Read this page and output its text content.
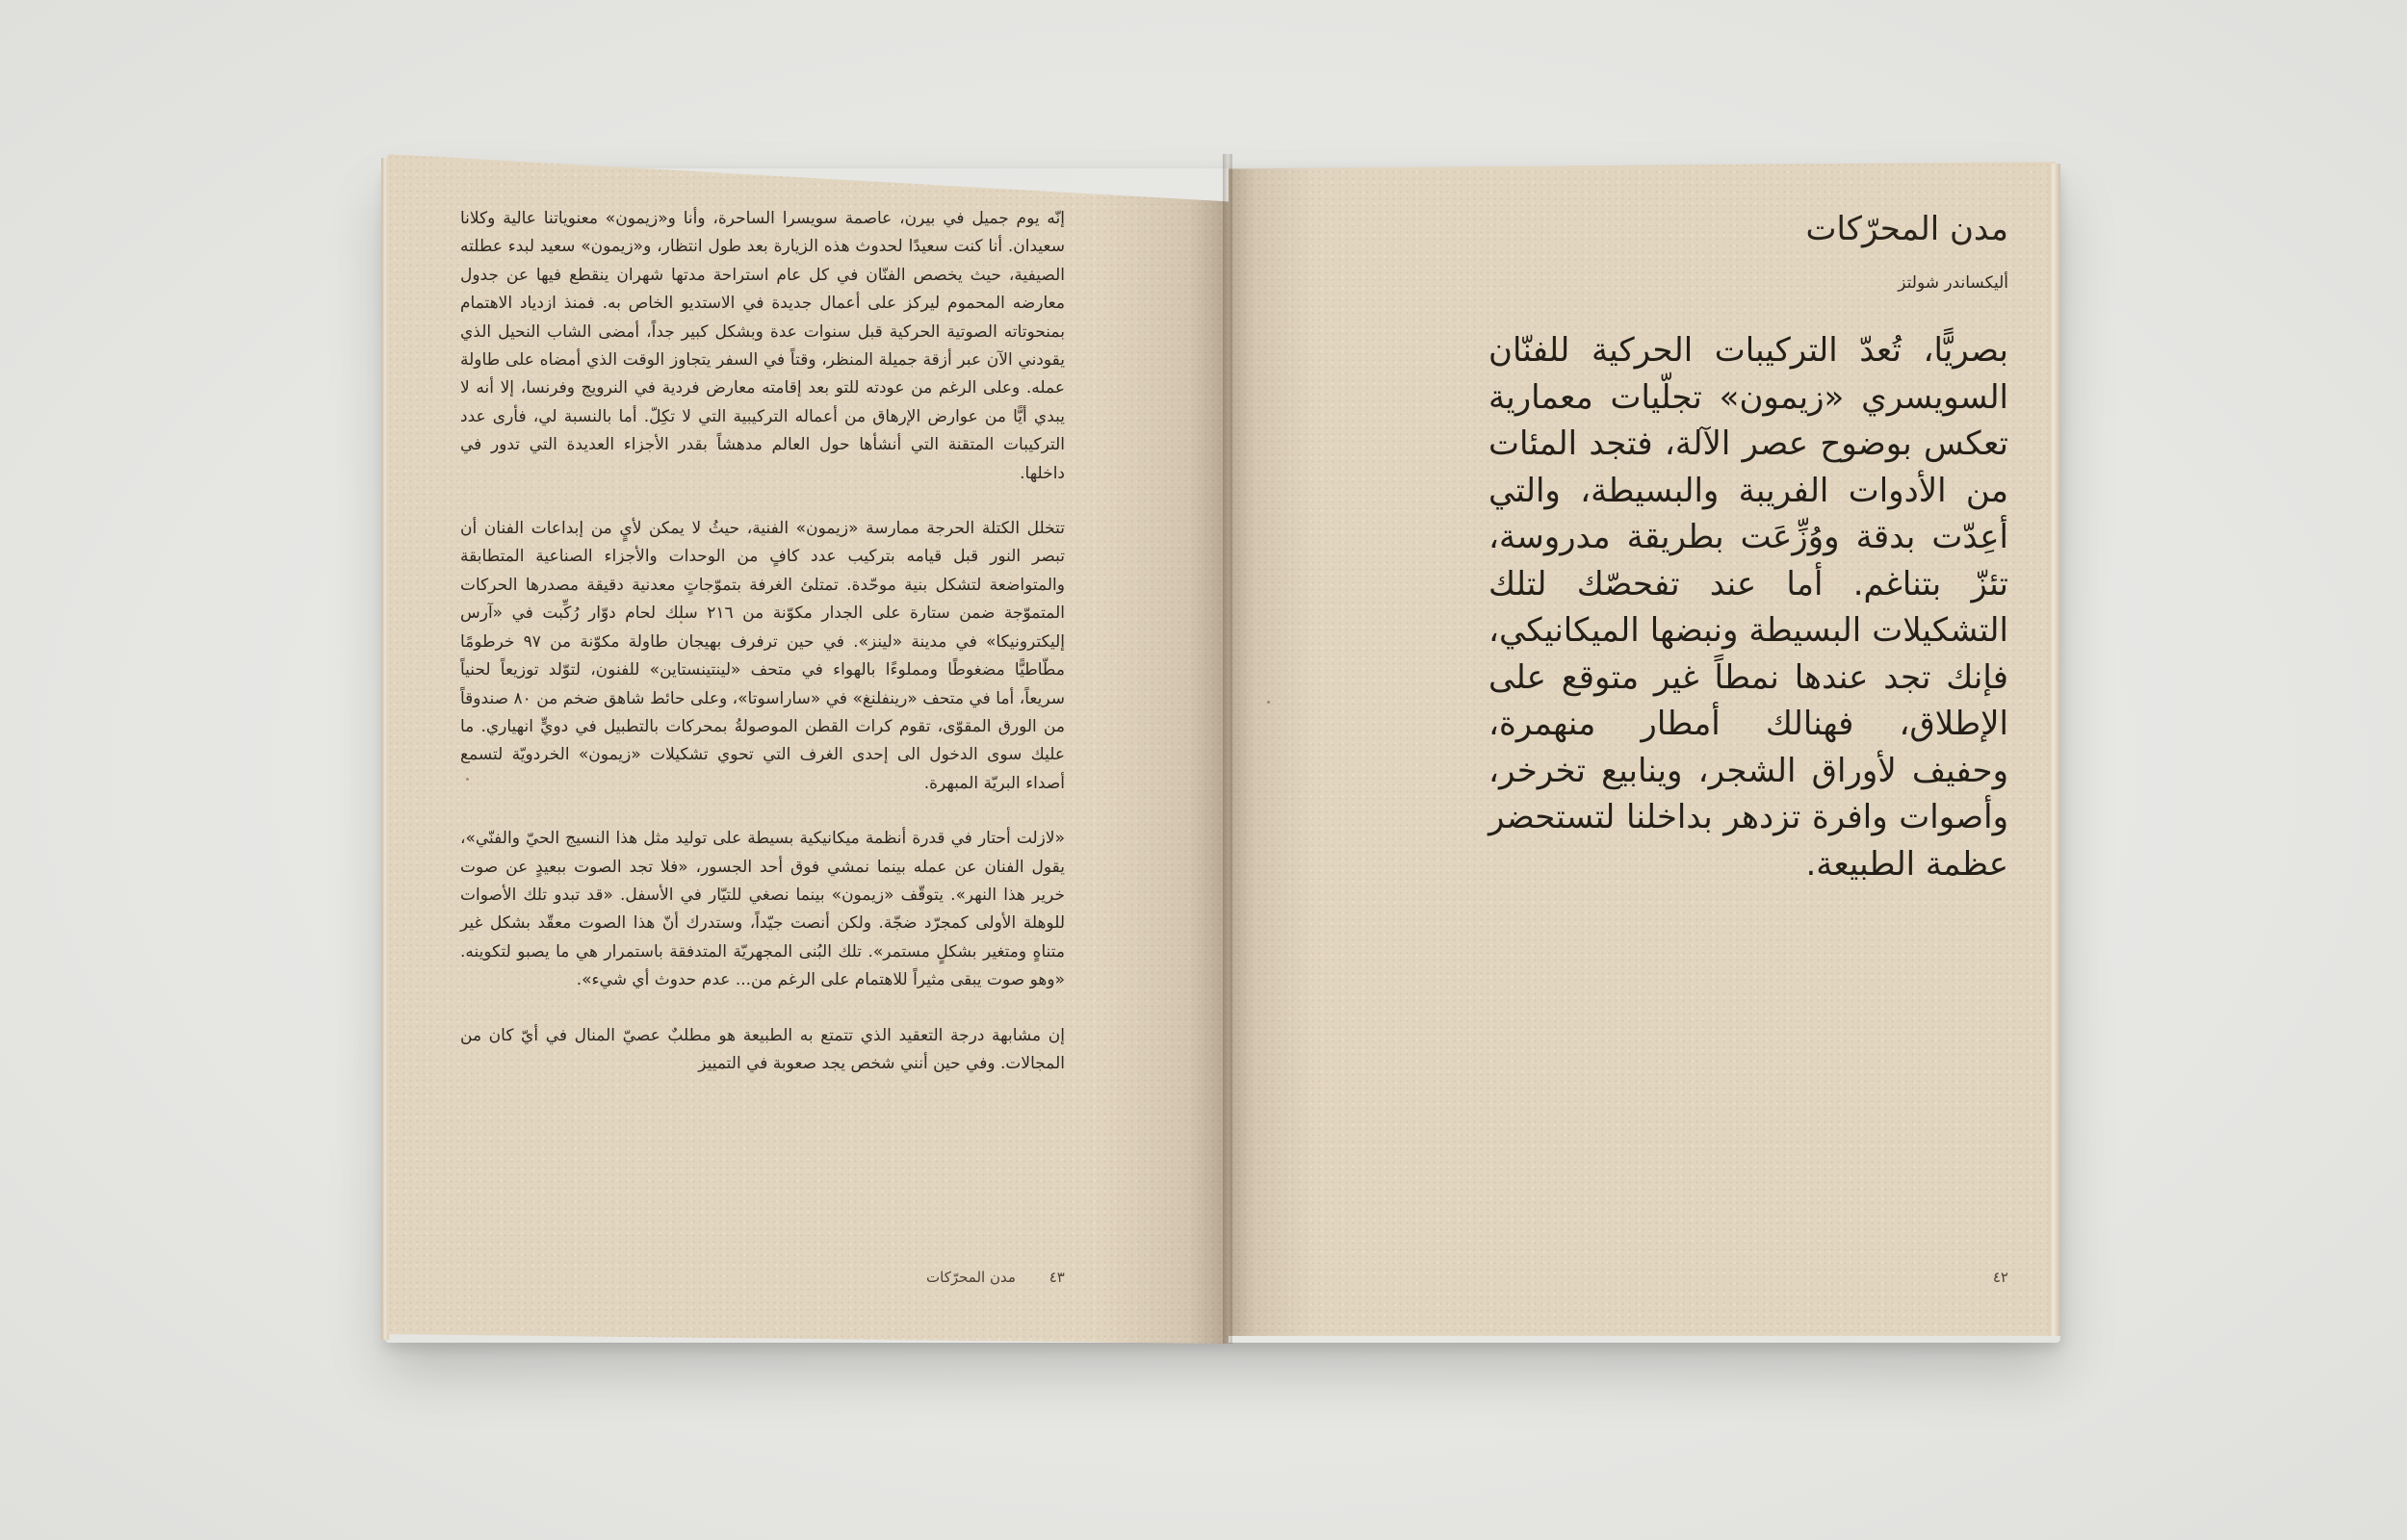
إنّه يوم جميل في بيرن، عاصمة سويسرا الساحرة، وأنا و«زيمون» معنوياتنا عالية وكلانا سعيدان. أنا كنت سعيدًا لحدوث هذه الزيارة بعد طول انتظار، و«زيمون» سعيد لبدء عطلته الصيفية، حيث يخصص الفنّان في كل عام استراحة مدتها شهران ينقطع فيها عن جدول معارضه المحموم ليركز على أعمال جديدة في الاستديو الخاص به. فمنذ ازدياد الاهتمام بمنحوتاته الصوتية الحركية قبل سنوات عدة وبشكل كبير جداً، أمضى الشاب النحيل الذي يقودني الآن عبر أزقة جميلة المنظر، وقتاً في السفر يتجاوز الوقت الذي أمضاه على طاولة عمله. وعلى الرغم من عودته للتو بعد إقامته معارض فردية في النرويج وفرنسا، إلا أنه لا يبدي أيًّا من عوارض الإرهاق من أعماله التركيبية التي لا تكِلّ. أما بالنسبة لي، فأرى عدد التركيبات المتقنة التي أنشأها حول العالم مدهشاً بقدر الأجزاء العديدة التي تدور في داخلها.

تتخلل الكتلة الحرجة ممارسة «زيمون» الفنية، حيثُ لا يمكن لأيٍ من إبداعات الفنان أن تبصر النور قبل قيامه بتركيب عدد كافٍ من الوحدات والأجزاء الصناعية المتطابقة والمتواضعة لتشكل بنية موحّدة. تمتلئ الغرفة بتموّجاتٍ معدنية دقيقة مصدرها الحركات المتموّجة ضمن ستارة على الجدار مكوّنة من ٢١٦ سلك لحام دوّار رُكِّبت في «آرس إليكترونيكا» في مدينة «لينز». في حين ترفرف بهيجان طاولة مكوّنة من ٩٧ خرطومًا مطّاطيًّا مضغوطًا ومملوءًا بالهواء في متحف «لينتينستاين» للفنون، لتوّلد توزيعاً لحنياً سريعاً، أما في متحف «رينفلنغ» في «ساراسوتا»، وعلى حائط شاهق ضخم من ٨٠ صندوقاً من الورق المقوّى، تقوم كرات القطن الموصولةُ بمحركات بالتطبيل في دويٍّ انهياري. ما عليك سوى الدخول الى إحدى الغرف التي تحوي تشكيلات «زيمون» الخردويّة لتسمع أصداء البريّة المبهرة.

«لازلت أحتار في قدرة أنظمة ميكانيكية بسيطة على توليد مثل هذا النسيج الحيّ والفنّي»، يقول الفنان عن عمله بينما نمشي فوق أحد الجسور، «فلا تجد الصوت ببعيدٍ عن صوت خرير هذا النهر». يتوقّف «زيمون» بينما نصغي للتيّار في الأسفل. «قد تبدو تلك الأصوات للوهلة الأولى كمجرّد ضجّة. ولكن أنصت جيّداً، وستدرك أنّ هذا الصوت معقّد بشكل غير متناهٍ ومتغير بشكلٍ مستمر». تلك البُنى المجهريّة المتدفقة باستمرار هي ما يصبو لتكوينه. «وهو صوت يبقى مثيراً للاهتمام على الرغم من... عدم حدوث أي شيء».

إن مشابهة درجة التعقيد الذي تتمتع به الطبيعة هو مطلبٌ عصيّ المنال في أيّ كان من المجالات. وفي حين أنني شخص يجد صعوبة في التمييز

٤٣ مدن المحرّكات
مدن المحرّكات
أليكساندر شولتز

بصريًّا، تُعدّ التركيبات الحركية للفنّان السويسري «زيمون» تجلّيات معمارية تعكس بوضوح عصر الآلة، فتجد المئات من الأدوات الفريبة والبسيطة، والتي أعِدّت بدقة ووُزِّعَت بطريقة مدروسة، تئزّ بتناغم. أما عند تفحصّك لتلك التشكيلات البسيطة ونبضها الميكانيكي، فإنك تجد عندها نمطاً غير متوقع على الإطلاق، فهنالك أمطار منهمرة، وحفيف لأوراق الشجر، وينابيع تخرخر، وأصوات وافرة تزدهر بداخلنا لتستحضر عظمة الطبيعة.

٤٢
